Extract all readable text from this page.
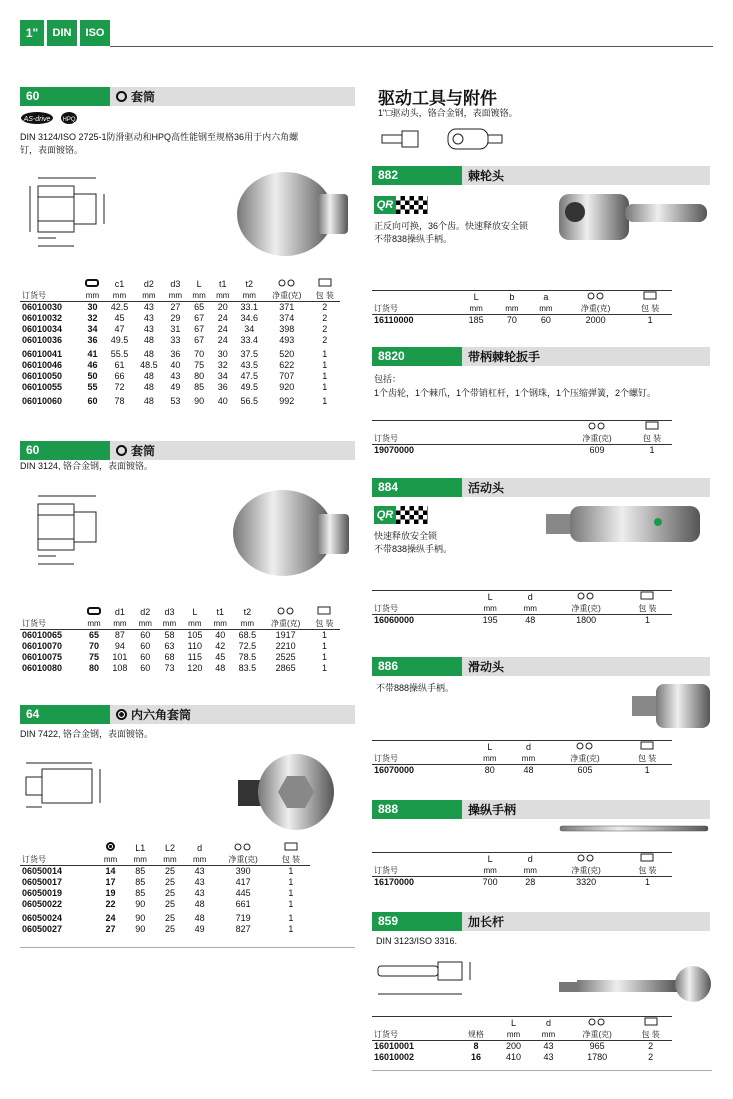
1"	DIN ISO
60	套筒
AS-drive HPQ
DIN 3124/ISO 2725-1防滑驱动和HPQ高性能钢至规格36用于内六角螺钉，表面镀铬。
		c1	d2	d3	L	t1	t2		
订货号	mm	mm	mm	mm	mm	mm	mm	净重(克)	包 装
06010030	30	42.5	43	27	65	20	33.1	371	2
06010032	32	45	43	29	67	24	34.6	374	2
06010034	34	47	43	31	67	24	34	398	2
06010036	36	49.5	48	33	67	24	33.4	493	2

06010041	41	55.5	48	36	70	30	37.5	520	1
06010046	46	61	48.5	40	75	32	43.5	622	1
06010050	50	66	48	43	80	34	47.5	707	1
06010055	55	72	48	49	85	36	49.5	920	1

06010060	60	78	48	53	90	40	56.5	992	1
60	套筒
DIN 3124, 铬合金钢，表面镀铬。
		d1	d2	d3	L	t1	t2		
订货号	mm	mm	mm	mm	mm	mm	mm	净重(克)	包 装
06010065	65	87	60	58	105	40	68.5	1917	1
06010070	70	94	60	63	110	42	72.5	2210	1
06010075	75	101	60	68	115	45	78.5	2525	1
06010080	80	108	60	73	120	48	83.5	2865	1
64	内六角套筒
DIN 7422, 铬合金钢，表面镀铬。
		L1	L2	d		
订货号	mm	mm	mm	mm	净重(克)	包 装
06050014	14	85	25	43	390	1
06050017	17	85	25	43	417	1
06050019	19	85	25	43	445	1
06050022	22	90	25	48	661	1

06050024	24	90	25	48	719	1
06050027	27	90	25	49	827	1
驱动工具与附件
1"□驱动头，铬合金钢，表面镀铬。
882	棘轮头
QR
正反向可换，36个齿。快速释放安全锁
不带838操纵手柄。
	L	b	a		
订货号	mm	mm	mm	净重(克)	包 装
16110000	185	70	60	2000	1
8820	带柄棘轮扳手
包括：
1个齿轮，1个棘爪，1个带销杠杆，1个钢珠，1个压缩弹簧，2个螺钉。

订货号	净重(克)	包 装
19070000	609	1
884	活动头
QR
快速释放安全锁
不带838操纵手柄。
	L	d		
订货号	mm	mm	净重(克)	包 装
16060000	195	48	1800	1
886	滑动头
不带888操纵手柄。
	L	d		
订货号	mm	mm	净重(克)	包 装
16070000	80	48	605	1
888	操纵手柄
	L	d		
订货号	mm	mm	净重(克)	包 装
16170000	700	28	3320	1
859	加长杆
DIN 3123/ISO 3316.
		L	d		
订货号	规格	mm	mm	净重(克)	包 装
16010001	8	200	43	965	2
16010002	16	410	43	1780	2
